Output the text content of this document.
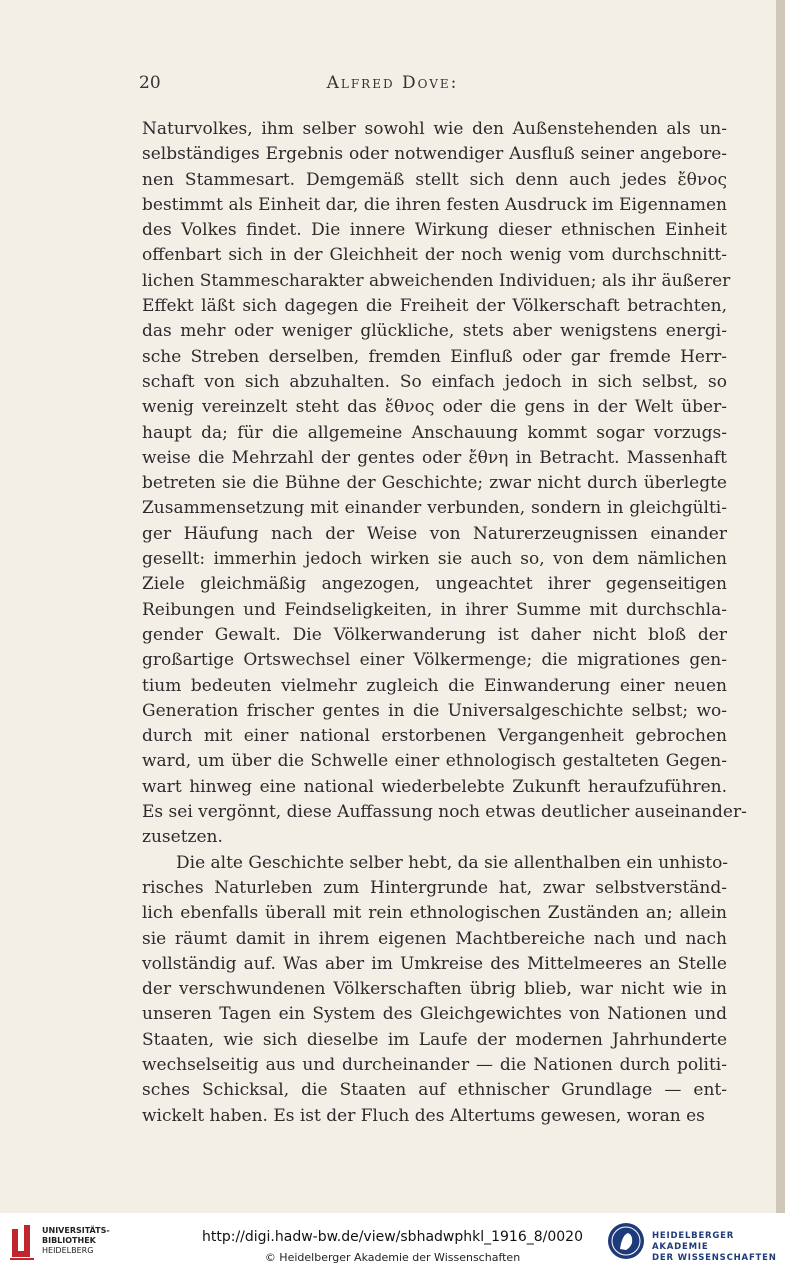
20	Alfred Dove:
Naturvolkes, ihm selber sowohl wie den Außenstehenden als un-
selbständiges Ergebnis oder notwendiger Ausfluß seiner angebore-
nen Stammesart. Demgemäß stellt sich denn auch jedes ἔθνος
bestimmt als Einheit dar, die ihren festen Ausdruck im Eigennamen
des Volkes findet. Die innere Wirkung dieser ethnischen Einheit
offenbart sich in der Gleichheit der noch wenig vom durchschnitt-
lichen Stammescharakter abweichenden Individuen; als ihr äußerer
Effekt läßt sich dagegen die Freiheit der Völkerschaft betrachten,
das mehr oder weniger glückliche, stets aber wenigstens energi-
sche Streben derselben, fremden Einfluß oder gar fremde Herr-
schaft von sich abzuhalten. So einfach jedoch in sich selbst, so
wenig vereinzelt steht das ἔθνος oder die gens in der Welt über-
haupt da; für die allgemeine Anschauung kommt sogar vorzugs-
weise die Mehrzahl der gentes oder ἔθνη in Betracht. Massenhaft
betreten sie die Bühne der Geschichte; zwar nicht durch überlegte
Zusammensetzung mit einander verbunden, sondern in gleichgülti-
ger Häufung nach der Weise von Naturerzeugnissen einander
gesellt: immerhin jedoch wirken sie auch so, von dem nämlichen
Ziele gleichmäßig angezogen, ungeachtet ihrer gegenseitigen
Reibungen und Feindseligkeiten, in ihrer Summe mit durchschla-
gender Gewalt. Die Völkerwanderung ist daher nicht bloß der
großartige Ortswechsel einer Völkermenge; die migrationes gen-
tium bedeuten vielmehr zugleich die Einwanderung einer neuen
Generation frischer gentes in die Universalgeschichte selbst; wo-
durch mit einer national erstorbenen Vergangenheit gebrochen
ward, um über die Schwelle einer ethnologisch gestalteten Gegen-
wart hinweg eine national wiederbelebte Zukunft heraufzuführen.
Es sei vergönnt, diese Auffassung noch etwas deutlicher auseinander-
zusetzen.
Die alte Geschichte selber hebt, da sie allenthalben ein unhisto-
risches Naturleben zum Hintergrunde hat, zwar selbstverständ-
lich ebenfalls überall mit rein ethnologischen Zuständen an; allein
sie räumt damit in ihrem eigenen Machtbereiche nach und nach
vollständig auf. Was aber im Umkreise des Mittelmeeres an Stelle
der verschwundenen Völkerschaften übrig blieb, war nicht wie in
unseren Tagen ein System des Gleichgewichtes von Nationen und
Staaten, wie sich dieselbe im Laufe der modernen Jahrhunderte
wechselseitig aus und durcheinander — die Nationen durch politi-
sches Schicksal, die Staaten auf ethnischer Grundlage — ent-
wickelt haben. Es ist der Fluch des Altertums gewesen, woran es
UNIVERSITÄTS-
BIBLIOTHEK
HEIDELBERG
http://digi.hadw-bw.de/view/sbhadwphkl_1916_8/0020
© Heidelberger Akademie der Wissenschaften
HEIDELBERGER AKADEMIE
DER WISSENSCHAFTEN
